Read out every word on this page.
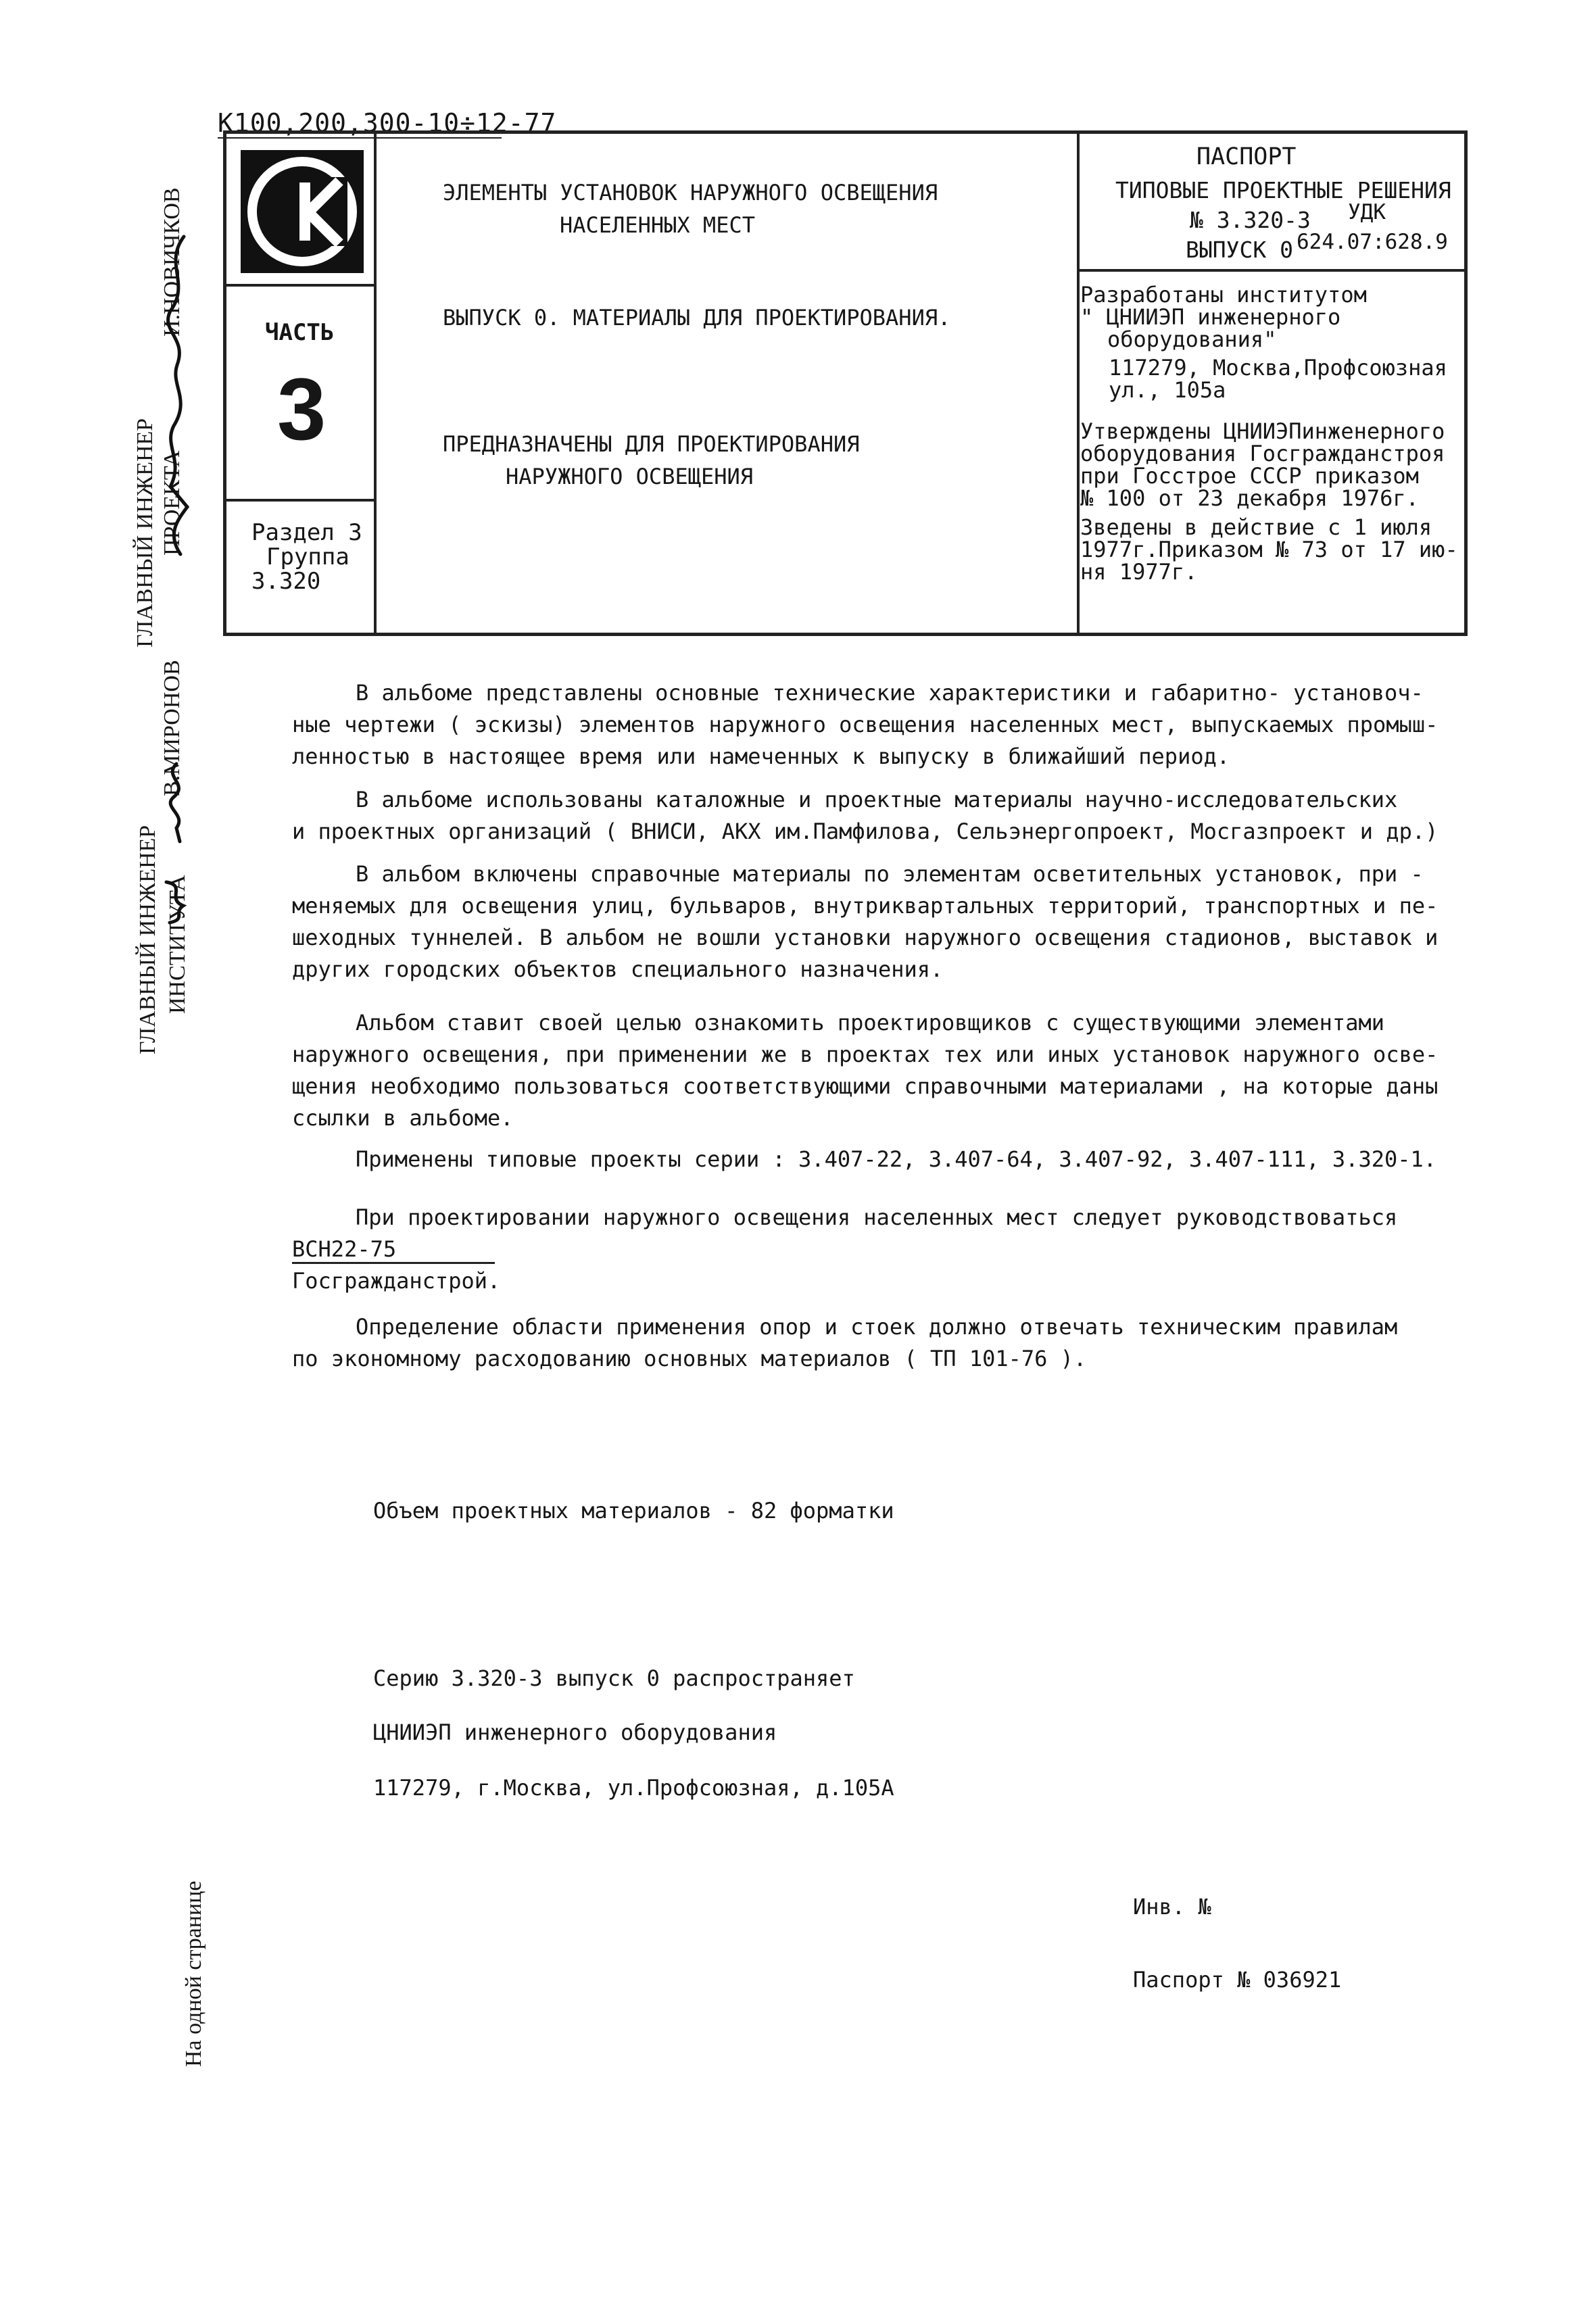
K100,200,300-10÷12-77
ЧАСТЬ
3
Раздел 3
Группа
3.320
ЭЛЕМЕНТЫ УСТАНОВОК НАРУЖНОГО ОСВЕЩЕНИЯ
НАСЕЛЕННЫХ МЕСТ
ВЫПУСК 0. МАТЕРИАЛЫ ДЛЯ ПРОЕКТИРОВАНИЯ.
ПРЕДНАЗНАЧЕНЫ ДЛЯ ПРОЕКТИРОВАНИЯ
НАРУЖНОГО ОСВЕЩЕНИЯ
ПАСПОРТ
ТИПОВЫЕ ПРОЕКТНЫЕ РЕШЕНИЯ
№ 3.320-3 УДК
ВЫПУСК 0 624.07:628.9
Разработаны институтом
" ЦНИИЭП инженерного
оборудования"
117279, Москва,Профсоюзная
ул., 105а
Утверждены ЦНИИЭПинженерного
оборудования Госгражданстроя
при Госстрое СССР приказом
№ 100 от 23 декабря 1976г.
Зведены в действие с 1 июля
1977г.Приказом № 73 от 17 ию-
ня 1977г.
В альбоме представлены основные технические характеристики и габаритно- установоч-
ные чертежи ( эскизы) элементов наружного освещения населенных мест, выпускаемых промыш-
ленностью в настоящее время или намеченных к выпуску в ближайший период.
В альбоме использованы каталожные и проектные материалы научно-исследовательских
и проектных организаций ( ВНИСИ, АКХ им.Памфилова, Сельэнергопроект, Мосгазпроект и др.)
В альбом включены справочные материалы по элементам осветительных установок, при -
меняемых для освещения улиц, бульваров, внутриквартальных территорий, транспортных и пе-
шеходных туннелей. В альбом не вошли установки наружного освещения стадионов, выставок и
других городских объектов специального назначения.
Альбом ставит своей целью ознакомить проектировщиков с существующими элементами
наружного освещения, при применении же в проектах тех или иных установок наружного осве-
щения необходимо пользоваться соответствующими справочными материалами , на которые даны
ссылки в альбоме.
Применены типовые проекты серии : 3.407-22, 3.407-64, 3.407-92, 3.407-111, 3.320-1.
При проектировании наружного освещения населенных мест следует руководствоваться
ВСН22-75
Госгражданстрой.
Определение области применения опор и стоек должно отвечать техническим правилам
по экономному расходованию основных материалов ( ТП 101-76 ).
Объем проектных материалов - 82 форматки
Серию 3.320-3 выпуск 0 распространяет
ЦНИИЭП инженерного оборудования
117279, г.Москва, ул.Профсоюзная, д.105А
Инв. №
Паспорт № 036921
ГЛАВНЫЙ ИНЖЕНЕР ПРОЕКТА
И.НОВИЧКОВ
В.МИРОНОВ
ГЛАВНЫЙ ИНЖЕНЕР ИНСТИТУТА
На одной странице
